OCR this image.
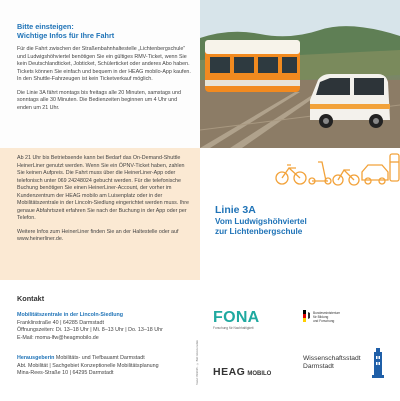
Bitte einsteigen:
Wichtige Infos für Ihre Fahrt

Für die Fahrt zwischen der Straßenbahnhaltestelle „Lichtenbergschule“ und Ludwigshöhviertel benötigen Sie ein gültiges RMV-Ticket, wenn Sie kein Deutschlandticket, Jobticket, Schülerticket oder anderes Abo haben. Tickets können Sie einfach und bequem in der HEAG mobilo-App kaufen. In den Shuttle-Fahrzeugen ist kein Ticketverkauf möglich.

Die Linie 3A fährt montags bis freitags alle 20 Minuten, samstags und sonntags alle 30 Minuten. Die Bedienzeiten beginnen um 4 Uhr und enden um 21 Uhr.

Ab 21 Uhr bis Betriebsende kann bei Bedarf das On-Demand-Shuttle HeinerLiner genutzt werden. Wenn Sie ein ÖPNV-Ticket haben, zahlen Sie keinen Aufpreis. Die Fahrt muss über die HeinerLiner-App oder telefonisch unter 069 24248024 gebucht werden. Für die telefonische Buchung benötigen Sie einen HeinerLiner-Account, der vorher im Kundenzentrum der HEAG mobilo am Luisenplatz oder in der Mobilitätszentrale in der Lincoln-Siedlung eingerichtet werden muss. Ihre genaue Abfahrtszeit erfahren Sie nach der Buchung in der App oder per Telefon.

Weitere Infos zum HeinerLiner finden Sie an der Haltestelle oder auf www.heinerliner.de.

Linie 3A
Vom Ludwigshöhviertel
zur Lichtenbergschule
Kontakt
Mobilitätszentrale in der Lincoln-Siedlung
Franklinstraße 40 | 64285 Darmstadt
Öffnungszeiten: Di. 13–18 Uhr | Mi. 8–13 Uhr | Do. 13–18 Uhr
E-Mail: moma-lfw@heagmobilo.de
Herausgeberin Mobilitäts- und Tiefbauamt Darmstadt
Abt. Mobilität | Sachgebiet Konzeptionelle Mobilitätsplanung
Mina-Rees-Straße 10 | 64295 Darmstadt	Stand: 09/2025 · © Bild: HEAG mobilo
FONA
Forschung für Nachhaltigkeit
Bundesministerium
für Bildung
und Forschung
HEAG MOBILO
Wissenschaftsstadt
Darmstadt
